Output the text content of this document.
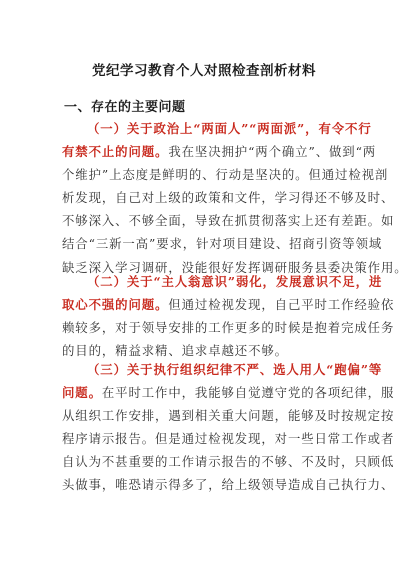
党纪学习教育个人对照检查剖析材料
一、存在的主要问题
（一）关于政治上“两面人”“两面派”，有令不行
有禁不止的问题。我在坚决拥护“两个确立”、做到“两
个维护”上态度是鲜明的、行动是坚决的。但通过检视剖
析发现，自己对上级的政策和文件，学习得还不够及时、
不够深入、不够全面，导致在抓贯彻落实上还有差距。如
结合“三新一高”要求，针对项目建设、招商引资等领域
缺乏深入学习调研，没能很好发挥调研服务县委决策作用。
（二）关于“主人翁意识”弱化，发展意识不足，进
取心不强的问题。但通过检视发现，自己平时工作经验依
赖较多，对于领导安排的工作更多的时候是抱着完成任务
的目的，精益求精、追求卓越还不够。
（三）关于执行组织纪律不严、选人用人“跑偏”等
问题。在平时工作中，我能够自觉遵守党的各项纪律，服
从组织工作安排，遇到相关重大问题，能够及时按规定按
程序请示报告。但是通过检视发现，对一些日常工作或者
自认为不甚重要的工作请示报告的不够、不及时，只顾低
头做事，唯恐请示得多了，给上级领导造成自己执行力、
